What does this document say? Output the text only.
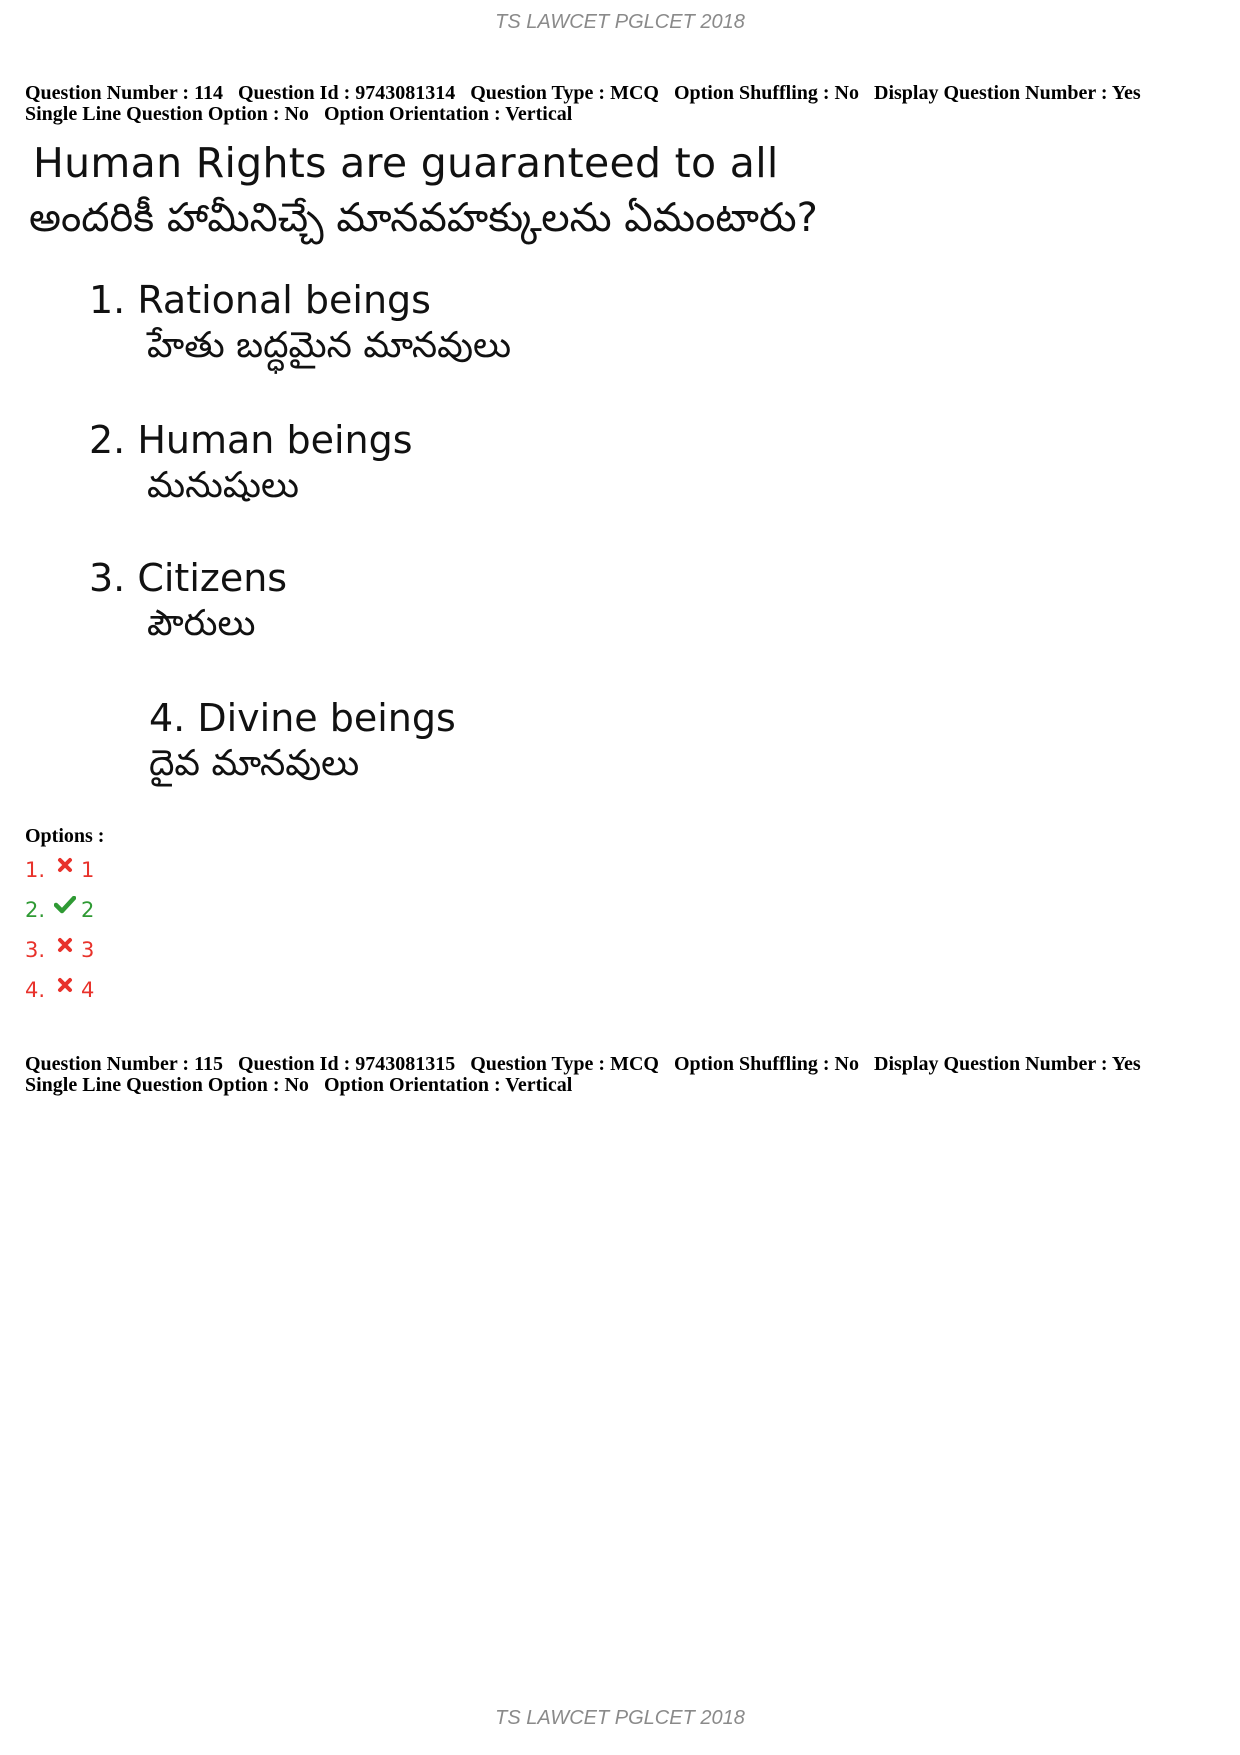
TS LAWCET PGLCET 2018
Question Number : 114 Question Id : 9743081314 Question Type : MCQ Option Shuffling : No Display Question Number : Yes
Single Line Question Option : No Option Orientation : Vertical
Human Rights are guaranteed to all
అందరికీ హామీనిచ్చే మానవహక్కులను ఏమంటారు?
1. Rational beings
హేతు బద్ధమైన మానవులు
2. Human beings
మనుషులు
3. Citizens
పౌరులు
4. Divine beings
దైవ మానవులు
Options :
1. 1
2. 2
3. 3
4. 4
Question Number : 115 Question Id : 9743081315 Question Type : MCQ Option Shuffling : No Display Question Number : Yes
Single Line Question Option : No Option Orientation : Vertical
TS LAWCET PGLCET 2018
